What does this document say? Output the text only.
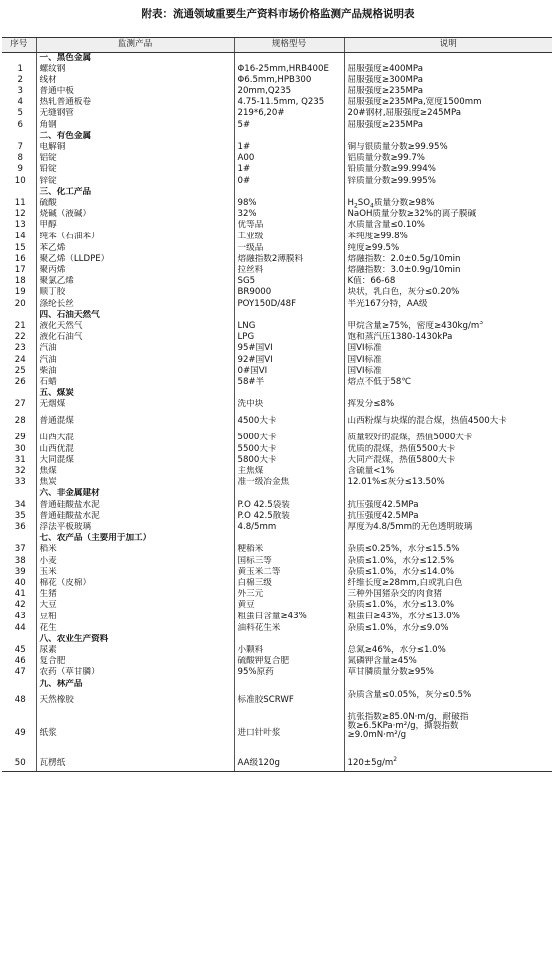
附表：流通领域重要生产资料市场价格监测产品规格说明表
序号	监测产品	规格型号	说明
	一、黑色金属		
1	螺纹钢	Φ16-25mm,HRB400E	屈服强度≥400MPa
2	线材	Φ6.5mm,HPB300	屈服强度≥300MPa
3	普通中板	20mm,Q235	屈服强度≥235MPa
4	热轧普通板卷	4.75-11.5mm, Q235	屈服强度≥235MPa,宽度1500mm
5	无缝钢管	219*6,20#	20#钢材,屈服强度≥245MPa
6	角钢	5#	屈服强度≥235MPa
	二、有色金属		
7	电解铜	1#	铜与银质量分数≥99.95%
8	铝锭	A00	铝质量分数≥99.7%
9	铅锭	1#	铅质量分数≥99.994%
10	锌锭	0#	锌质量分数≥99.995%
	三、化工产品		
11	硫酸	98%	$H_2SO_4$质量分数≥98%
12	烧碱（液碱）	32%	NaOH质量分数≥32%的离子膜碱
13	甲醇	优等品	水质量含量≤0.10%
14	纯苯（石油苯）	工业级	苯纯度≥99.8%
15	苯乙烯	一级品	纯度≥99.5%
16	聚乙烯（LLDPE）	熔融指数2薄膜料	熔融指数：2.0±0.5g/10min
17	聚丙烯	拉丝料	熔融指数：3.0±0.9g/10min
18	聚氯乙烯	SG5	K值：66-68
19	顺丁胶	BR9000	块状，乳白色，灰分≤0.20%
20	涤纶长丝	POY150D/48F	半光167分特，AA级
	四、石油天然气		
21	液化天然气	LNG	甲烷含量≥75%，密度$\ge 430kg/m^3$
22	液化石油气	LPG	饱和蒸汽压1380-1430kPa
23	汽油	95#国VI	国VI标准
24	汽油	92#国VI	国VI标准
25	柴油	0#国VI	国VI标准
26	石蜡	58#半	熔点不低于58℃
	五、煤炭		
27	无烟煤	洗中块	挥发分≤8%
28	普通混煤	4500大卡	山西粉煤与块煤的混合煤，热值4500大卡
29	山西大混	5000大卡	质量较好的混煤，热值5000大卡
30	山西优混	5500大卡	优质的混煤，热值5500大卡
31	大同混煤	5800大卡	大同产混煤，热值5800大卡
32	焦煤	主焦煤	含硫量<1%
33	焦炭	准一级冶金焦	12.01%≤灰分≤13.50%
	六、非金属建材		
34	普通硅酸盐水泥	P.O 42.5袋装	抗压强度42.5MPa
35	普通硅酸盐水泥	P.O 42.5散装	抗压强度42.5MPa
36	浮法平板玻璃	4.8/5mm	厚度为4.8/5mm的无色透明玻璃
	七、农产品（主要用于加工）		
37	稻米	粳稻米	杂质≤0.25%，水分≤15.5%
38	小麦	国标三等	杂质≤1.0%，水分≤12.5%
39	玉米	黄玉米二等	杂质≤1.0%，水分≤14.0%
40	棉花（皮棉）	白棉三级	纤维长度≥28mm,白或乳白色
41	生猪	外三元	三种外国猪杂交的肉食猪
42	大豆	黄豆	杂质≤1.0%，水分≤13.0%
43	豆粕	粗蛋白含量≥43%	粗蛋白≥43%，水分≤13.0%
44	花生	油料花生米	杂质≤1.0%，水分≤9.0%
	八、农业生产资料		
45	尿素	小颗料	总氮≥46%，水分≤1.0%
46	复合肥	硫酸钾复合肥	氮磷钾含量≥45%
47	农药（草甘膦）	95%原药	草甘膦质量分数≥95%
	九、林产品		
48	天然橡胶	标准胶SCRWF	杂质含量≤0.05%，灰分≤0.5%

49	纸浆	进口针叶浆	抗张指数≥85.0N·m/g，耐破指
数≥6.5KPa·m²/g，撕裂指数
≥9.0mN·m²/g

50	瓦楞纸	AA级120g	$120\pm 5g/m^2$
